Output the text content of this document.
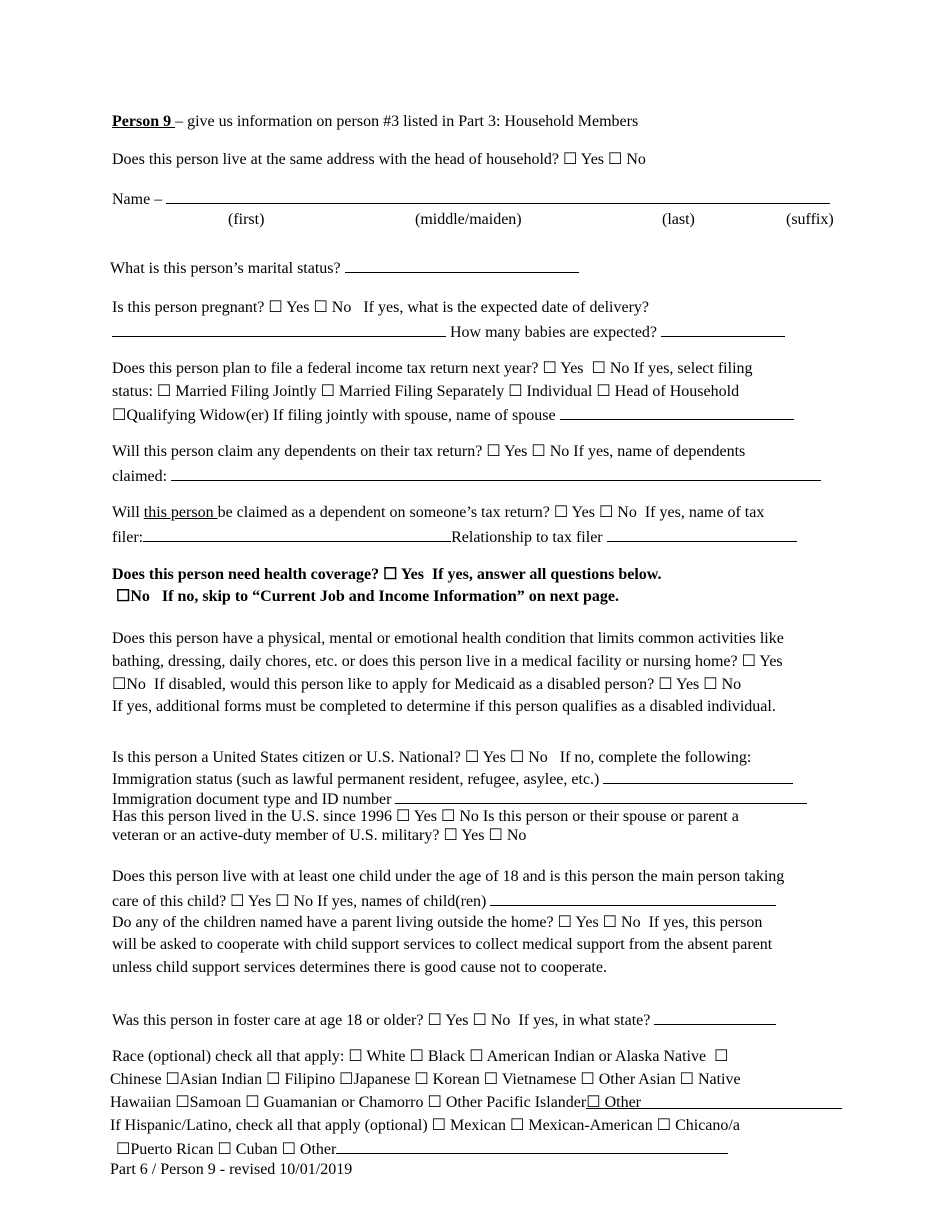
Person 9 – give us information on person #3 listed in Part 3: Household Members
Does this person live at the same address with the head of household? ☐ Yes ☐ No
Name –
(first)	(middle/maiden)	(last)	(suffix)
What is this person’s marital status?
Is this person pregnant? ☐ Yes ☐ No If yes, what is the expected date of delivery?
How many babies are expected?
Does this person plan to file a federal income tax return next year? ☐ Yes ☐ No If yes, select filing
status: ☐ Married Filing Jointly ☐ Married Filing Separately ☐ Individual ☐ Head of Household
☐Qualifying Widow(er) If filing jointly with spouse, name of spouse
Will this person claim any dependents on their tax return? ☐ Yes ☐ No If yes, name of dependents
claimed:
Will this person be claimed as a dependent on someone’s tax return? ☐ Yes ☐ No If yes, name of tax
filer:	Relationship to tax filer
Does this person need health coverage? ☐ Yes If yes, answer all questions below.
☐No If no, skip to “Current Job and Income Information” on next page.
Does this person have a physical, mental or emotional health condition that limits common activities like
bathing, dressing, daily chores, etc. or does this person live in a medical facility or nursing home? ☐ Yes
☐No If disabled, would this person like to apply for Medicaid as a disabled person? ☐ Yes ☐ No
If yes, additional forms must be completed to determine if this person qualifies as a disabled individual.
Is this person a United States citizen or U.S. National? ☐ Yes ☐ No If no, complete the following:
Immigration status (such as lawful permanent resident, refugee, asylee, etc.)
Immigration document type and ID number
Has this person lived in the U.S. since 1996 ☐ Yes ☐ No Is this person or their spouse or parent a
veteran or an active-duty member of U.S. military? ☐ Yes ☐ No
Does this person live with at least one child under the age of 18 and is this person the main person taking
care of this child? ☐ Yes ☐ No If yes, names of child(ren)
Do any of the children named have a parent living outside the home? ☐ Yes ☐ No If yes, this person
will be asked to cooperate with child support services to collect medical support from the absent parent
unless child support services determines there is good cause not to cooperate.
Was this person in foster care at age 18 or older? ☐ Yes ☐ No If yes, in what state?
Race (optional) check all that apply: ☐ White ☐ Black ☐ American Indian or Alaska Native ☐
Chinese ☐Asian Indian ☐ Filipino ☐Japanese ☐ Korean ☐ Vietnamese ☐ Other Asian ☐ Native
Hawaiian ☐Samoan ☐ Guamanian or Chamorro ☐ Other Pacific Islander☐ Other
If Hispanic/Latino, check all that apply (optional) ☐ Mexican ☐ Mexican-American ☐ Chicano/a
☐Puerto Rican ☐ Cuban ☐ Other
Part 6 / Person 9 - revised 10/01/2019
